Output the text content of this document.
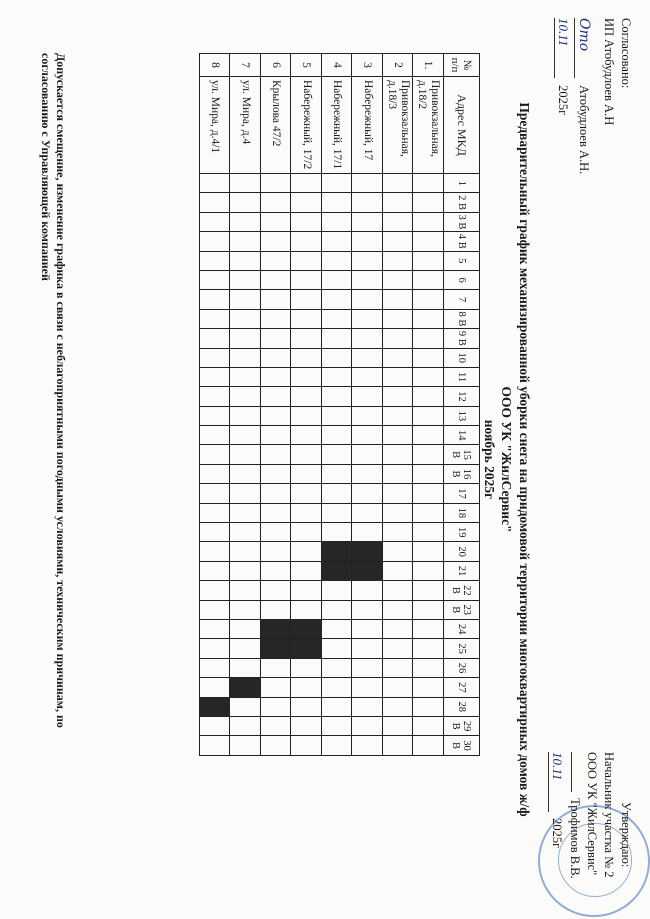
Согласовано:
ИП Атобудлоев А.Н
Ото Атобудлоев А.Н.
10.11 2025г
Утверждаю:
Начальник участка № 2
ООО УК "ЖилСервис"
Трофимов В.В.
10.11 2025г
Предварительный график механизированной уборки снега на придомовой территории многоквартирных домов ж/ф
ООО УК "ЖилСервис"
ноябрь 2025г
№ п/п	Адрес МКД	1	2 В	3 В	4 В	5	6	7	8 В	9 В	10	11	12	13	14	15 В	16 В	17	18	19	20	21	22 В	23 В	24	25	26	27	28	29 В	30 В
1.	Привокзальная, д.18/2																														
2	Привокзальная, д.18/3																														
3	Набережный, 17																														
4	Набережный, 17/1																														
5	Набережный, 17/2																														
6	Крылова 47/2																														
7	ул. Мира, д.4																														
8	ул. Мира, д.4/1																														
Допускается смещение, изменение графика в связи с неблагоприятными погодными условиями, техническим причинам, по
согласованию с Управляющей компанией
